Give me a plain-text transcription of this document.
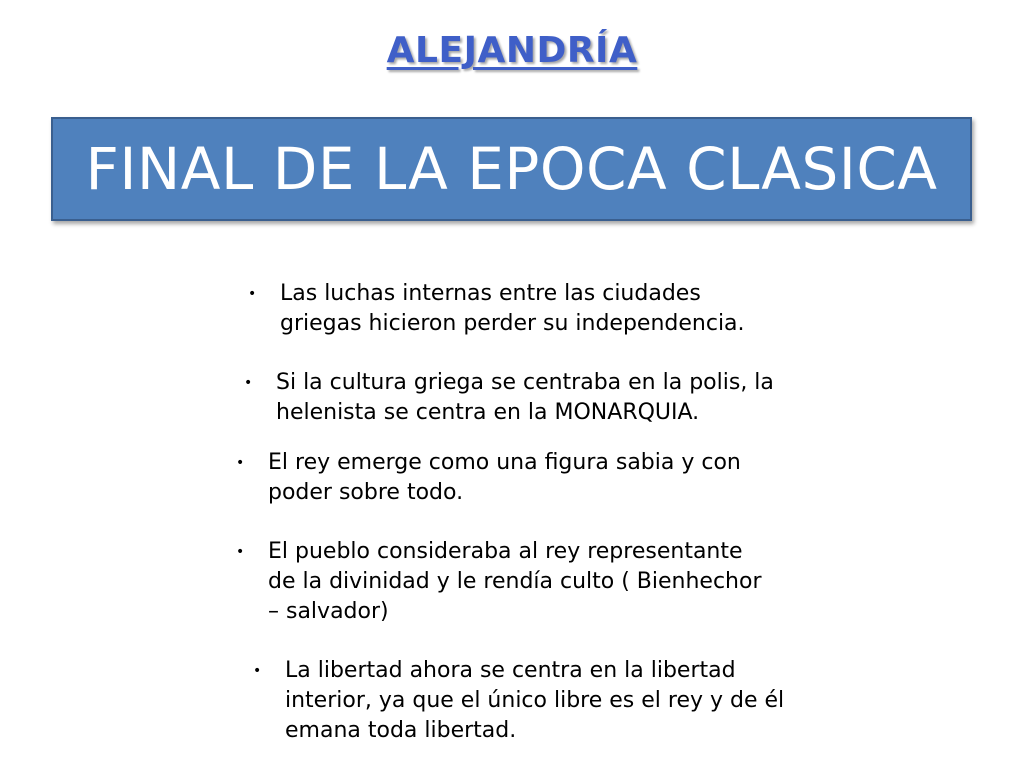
ALEJANDRÍA
FINAL DE LA EPOCA CLASICA
•	Las luchas internas entre las ciudades
griegas hicieron perder su independencia.
•	Si la cultura griega se centraba en la polis, la
helenista se centra en la MONARQUIA.
•	El rey emerge como una figura sabia y con
poder sobre todo.
•	El pueblo consideraba al rey representante
de la divinidad y le rendía culto ( Bienhechor
– salvador)
•	La libertad ahora se centra en la libertad
interior, ya que el único libre es el rey y de él
emana toda libertad.
